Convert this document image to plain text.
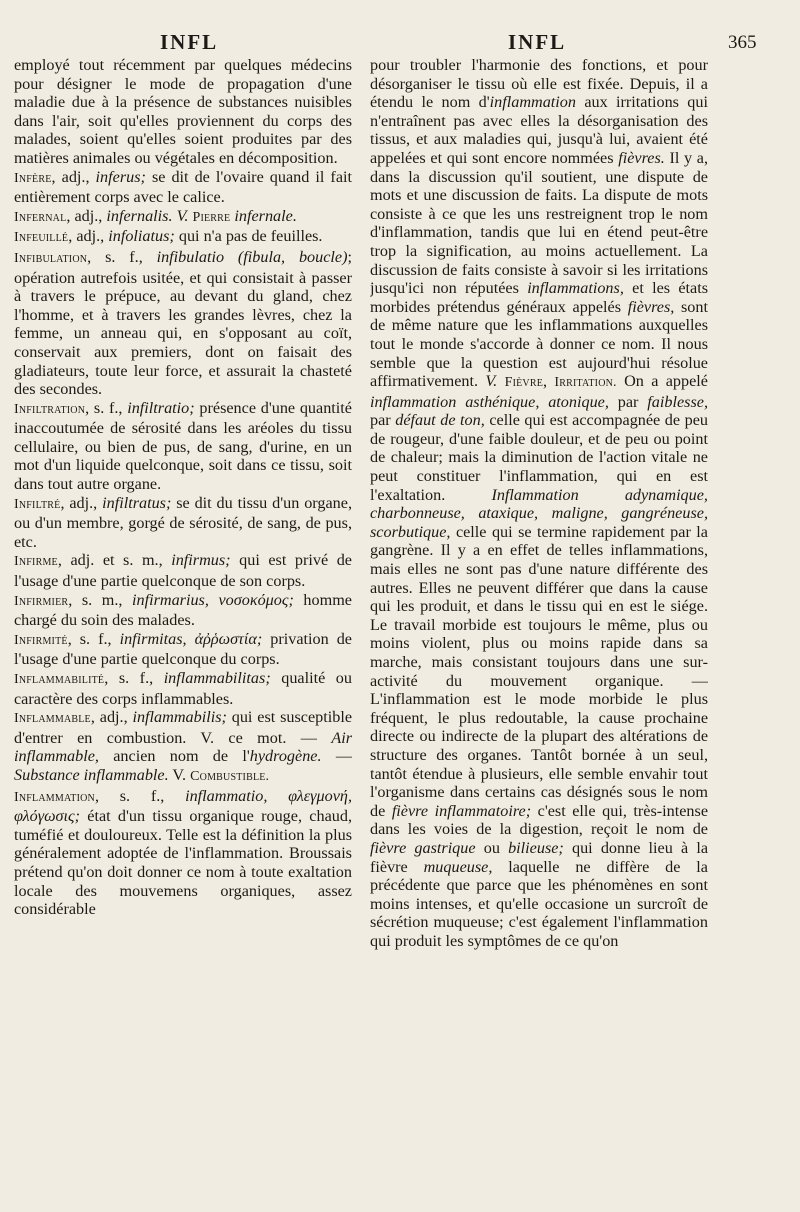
INFL	INFL	365

employé tout récemment par quelques médecins pour désigner le mode de propagation d'une maladie due à la présence de substances nuisibles dans l'air, soit qu'elles proviennent du corps des malades, soient qu'elles soient produites par des matières animales ou végétales en décomposition.

Infère, adj., inferus; se dit de l'ovaire quand il fait entièrement corps avec le calice.

Infernal, adj., infernalis. V. Pierre infernale.

Infeuillé, adj., infoliatus; qui n'a pas de feuilles.

Infibulation, s. f., infibulatio (fibula, boucle); opération autrefois usitée, et qui consistait à passer à travers le prépuce, au devant du gland, chez l'homme, et à travers les grandes lèvres, chez la femme, un anneau qui, en s'opposant au coït, conservait aux premiers, dont on faisait des gladiateurs, toute leur force, et assurait la chasteté des secondes.

Infiltration, s. f., infiltratio; présence d'une quantité inaccoutumée de sérosité dans les aréoles du tissu cellulaire, ou bien de pus, de sang, d'urine, en un mot d'un liquide quelconque, soit dans ce tissu, soit dans tout autre organe.

Infiltré, adj., infiltratus; se dit du tissu d'un organe, ou d'un membre, gorgé de sérosité, de sang, de pus, etc.

Infirme, adj. et s. m., infirmus; qui est privé de l'usage d'une partie quelconque de son corps.

Infirmier, s. m., infirmarius, νοσοκόμος; homme chargé du soin des malades.

Infirmité, s. f., infirmitas, ἀῤῥωστία; privation de l'usage d'une partie quelconque du corps.

Inflammabilité, s. f., inflammabilitas; qualité ou caractère des corps inflammables.

Inflammable, adj., inflammabilis; qui est susceptible d'entrer en combustion. V. ce mot. — Air inflammable, ancien nom de l'hydrogène. — Substance inflammable. V. Combustible.

Inflammation, s. f., inflammatio, φλεγμονή, φλόγωσις; état d'un tissu organique rouge, chaud, tuméfié et douloureux. Telle est la définition la plus généralement adoptée de l'inflammation. Broussais prétend qu'on doit donner ce nom à toute exaltation locale des mouvemens organiques, assez considérable

pour troubler l'harmonie des fonctions, et pour désorganiser le tissu où elle est fixée. Depuis, il a étendu le nom d'inflammation aux irritations qui n'entraînent pas avec elles la désorganisation des tissus, et aux maladies qui, jusqu'à lui, avaient été appelées et qui sont encore nommées fièvres. Il y a, dans la discussion qu'il soutient, une dispute de mots et une discussion de faits. La dispute de mots consiste à ce que les uns restreignent trop le nom d'inflammation, tandis que lui en étend peut-être trop la signification, au moins actuellement. La discussion de faits consiste à savoir si les irritations jusqu'ici non réputées inflammations, et les états morbides prétendus généraux appelés fièvres, sont de même nature que les inflammations auxquelles tout le monde s'accorde à donner ce nom. Il nous semble que la question est aujourd'hui résolue affirmativement. V. Fièvre, Irritation. On a appelé inflammation asthénique, atonique, par faiblesse, par défaut de ton, celle qui est accompagnée de peu de rougeur, d'une faible douleur, et de peu ou point de chaleur; mais la diminution de l'action vitale ne peut constituer l'inflammation, qui en est l'exaltation. Inflammation adynamique, charbonneuse, ataxique, maligne, gangréneuse, scorbutique, celle qui se termine rapidement par la gangrène. Il y a en effet de telles inflammations, mais elles ne sont pas d'une nature différente des autres. Elles ne peuvent différer que dans la cause qui les produit, et dans le tissu qui en est le siége. Le travail morbide est toujours le même, plus ou moins violent, plus ou moins rapide dans sa marche, mais consistant toujours dans une sur-activité du mouvement organique. — L'inflammation est le mode morbide le plus fréquent, le plus redoutable, la cause prochaine directe ou indirecte de la plupart des altérations de structure des organes. Tantôt bornée à un seul, tantôt étendue à plusieurs, elle semble envahir tout l'organisme dans certains cas désignés sous le nom de fièvre inflammatoire; c'est elle qui, très-intense dans les voies de la digestion, reçoit le nom de fièvre gastrique ou bilieuse; qui donne lieu à la fièvre muqueuse, laquelle ne diffère de la précédente que parce que les phénomènes en sont moins intenses, et qu'elle occasione un surcroît de sécrétion muqueuse; c'est également l'inflammation qui produit les symptômes de ce qu'on
